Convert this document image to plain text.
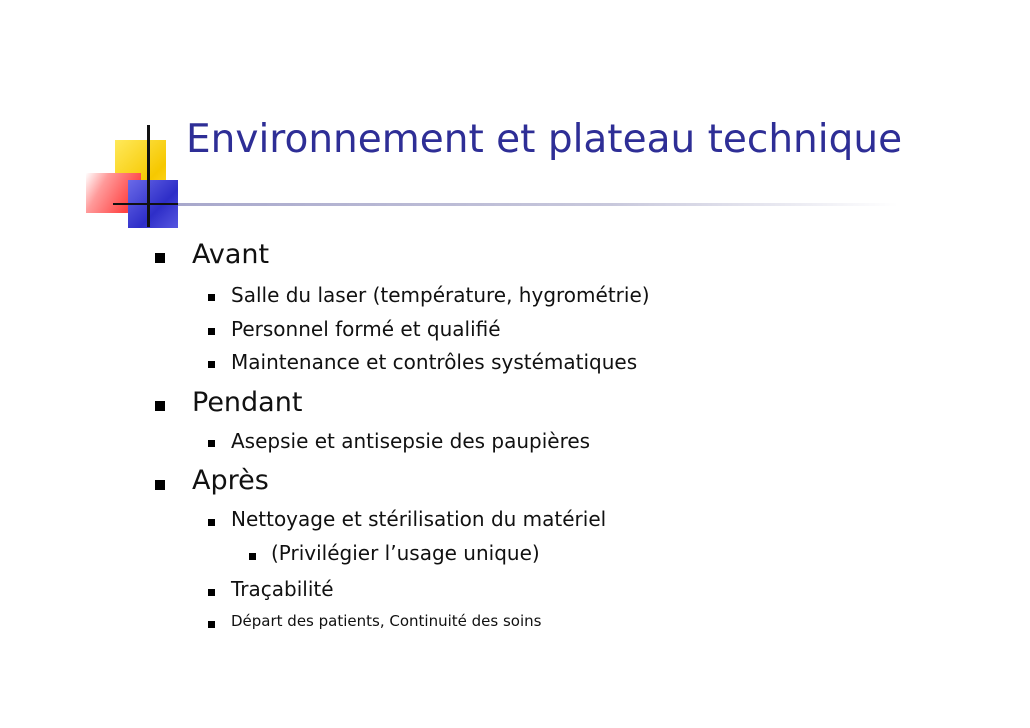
Environnement et plateau technique
Avant
Salle du laser (température, hygrométrie)
Personnel formé et qualifié
Maintenance et contrôles systématiques
Pendant
Asepsie et antisepsie des paupières
Après
Nettoyage et stérilisation du matériel
(Privilégier l’usage unique)
Traçabilité
Départ des patients, Continuité des soins
